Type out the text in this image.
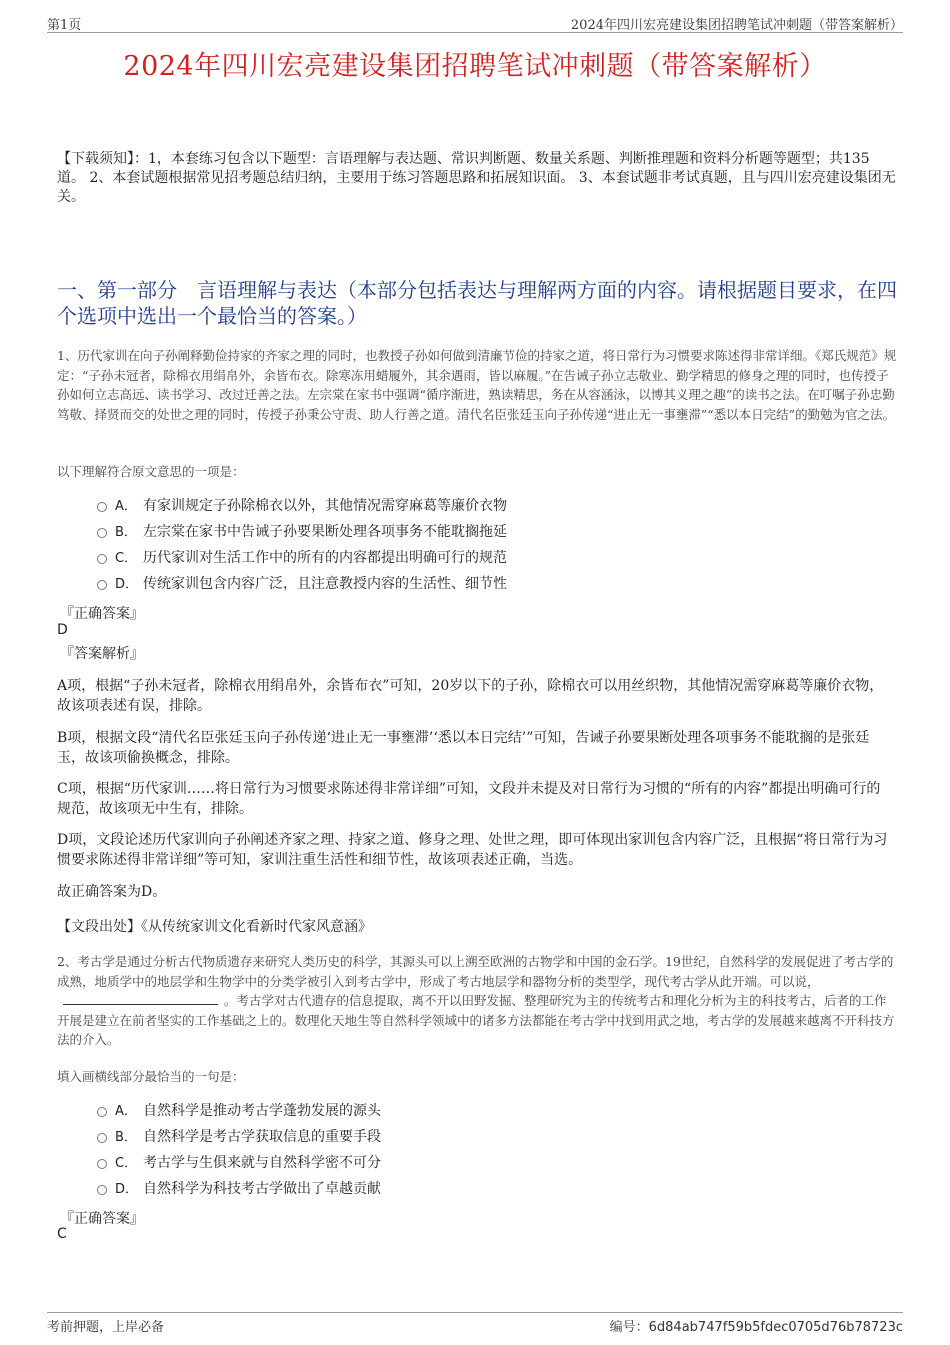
第1页	2024年四川宏亮建设集团招聘笔试冲刺题（带答案解析）
2024年四川宏亮建设集团招聘笔试冲刺题（带答案解析）
【下载须知】：1，本套练习包含以下题型：言语理解与表达题、常识判断题、数量关系题、判断推理题和资料分析题等题型；共135道。 2、本套试题根据常见招考题总结归纳，主要用于练习答题思路和拓展知识面。 3、本套试题非考试真题，且与四川宏亮建设集团无关。
一、第一部分　言语理解与表达（本部分包括表达与理解两方面的内容。请根据题目要求，在四个选项中选出一个最恰当的答案。）
1、历代家训在向子孙阐释勤俭持家的齐家之理的同时，也教授子孙如何做到清廉节俭的持家之道，将日常行为习惯要求陈述得非常详细。《郑氏规范》规定：“子孙未冠者，除棉衣用绢帛外，余皆布衣。除寒冻用蜡履外，其余遇雨，皆以麻履。”在告诫子孙立志敬业、勤学精思的修身之理的同时，也传授子孙如何立志高远、读书学习、改过迁善之法。左宗棠在家书中强调“循序渐进，熟读精思，务在从容涵泳，以博其义理之趣”的读书之法。在叮嘱子孙忠勤笃敬、择贤而交的处世之理的同时，传授子孙秉公守责、助人行善之道。清代名臣张廷玉向子孙传递“进止无一事壅滞”“悉以本日完结”的勤勉为官之法。
以下理解符合原文意思的一项是：
A． 有家训规定子孙除棉衣以外，其他情况需穿麻葛等廉价衣物
B． 左宗棠在家书中告诫子孙要果断处理各项事务不能耽搁拖延
C． 历代家训对生活工作中的所有的内容都提出明确可行的规范
D． 传统家训包含内容广泛，且注意教授内容的生活性、细节性
『正确答案』
D
『答案解析』
A项，根据“子孙未冠者，除棉衣用绢帛外，余皆布衣”可知，20岁以下的子孙，除棉衣可以用丝织物，其他情况需穿麻葛等廉价衣物，故该项表述有误，排除。
B项，根据文段“清代名臣张廷玉向子孙传递‘进止无一事壅滞’‘悉以本日完结’”可知，告诫子孙要果断处理各项事务不能耽搁的是张廷玉，故该项偷换概念，排除。
C项，根据“历代家训……将日常行为习惯要求陈述得非常详细”可知，文段并未提及对日常行为习惯的“所有的内容”都提出明确可行的规范，故该项无中生有，排除。
D项，文段论述历代家训向子孙阐述齐家之理、持家之道、修身之理、处世之理，即可体现出家训包含内容广泛，且根据“将日常行为习惯要求陈述得非常详细”等可知，家训注重生活性和细节性，故该项表述正确，当选。
故正确答案为D。
【文段出处】《从传统家训文化看新时代家风意涵》
2、考古学是通过分析古代物质遗存来研究人类历史的科学，其源头可以上溯至欧洲的古物学和中国的金石学。19世纪，自然科学的发展促进了考古学的成熟，地质学中的地层学和生物学中的分类学被引入到考古学中，形成了考古地层学和器物分析的类型学，现代考古学从此开端。可以说，。考古学对古代遗存的信息提取，离不开以田野发掘、整理研究为主的传统考古和理化分析为主的科技考古，后者的工作开展是建立在前者坚实的工作基础之上的。数理化天地生等自然科学领域中的诸多方法都能在考古学中找到用武之地，考古学的发展越来越离不开科技方法的介入。
填入画横线部分最恰当的一句是：
A． 自然科学是推动考古学蓬勃发展的源头
B． 自然科学是考古学获取信息的重要手段
C． 考古学与生俱来就与自然科学密不可分
D． 自然科学为科技考古学做出了卓越贡献
『正确答案』
C
考前押题，上岸必备	编号：6d84ab747f59b5fdec0705d76b78723c
